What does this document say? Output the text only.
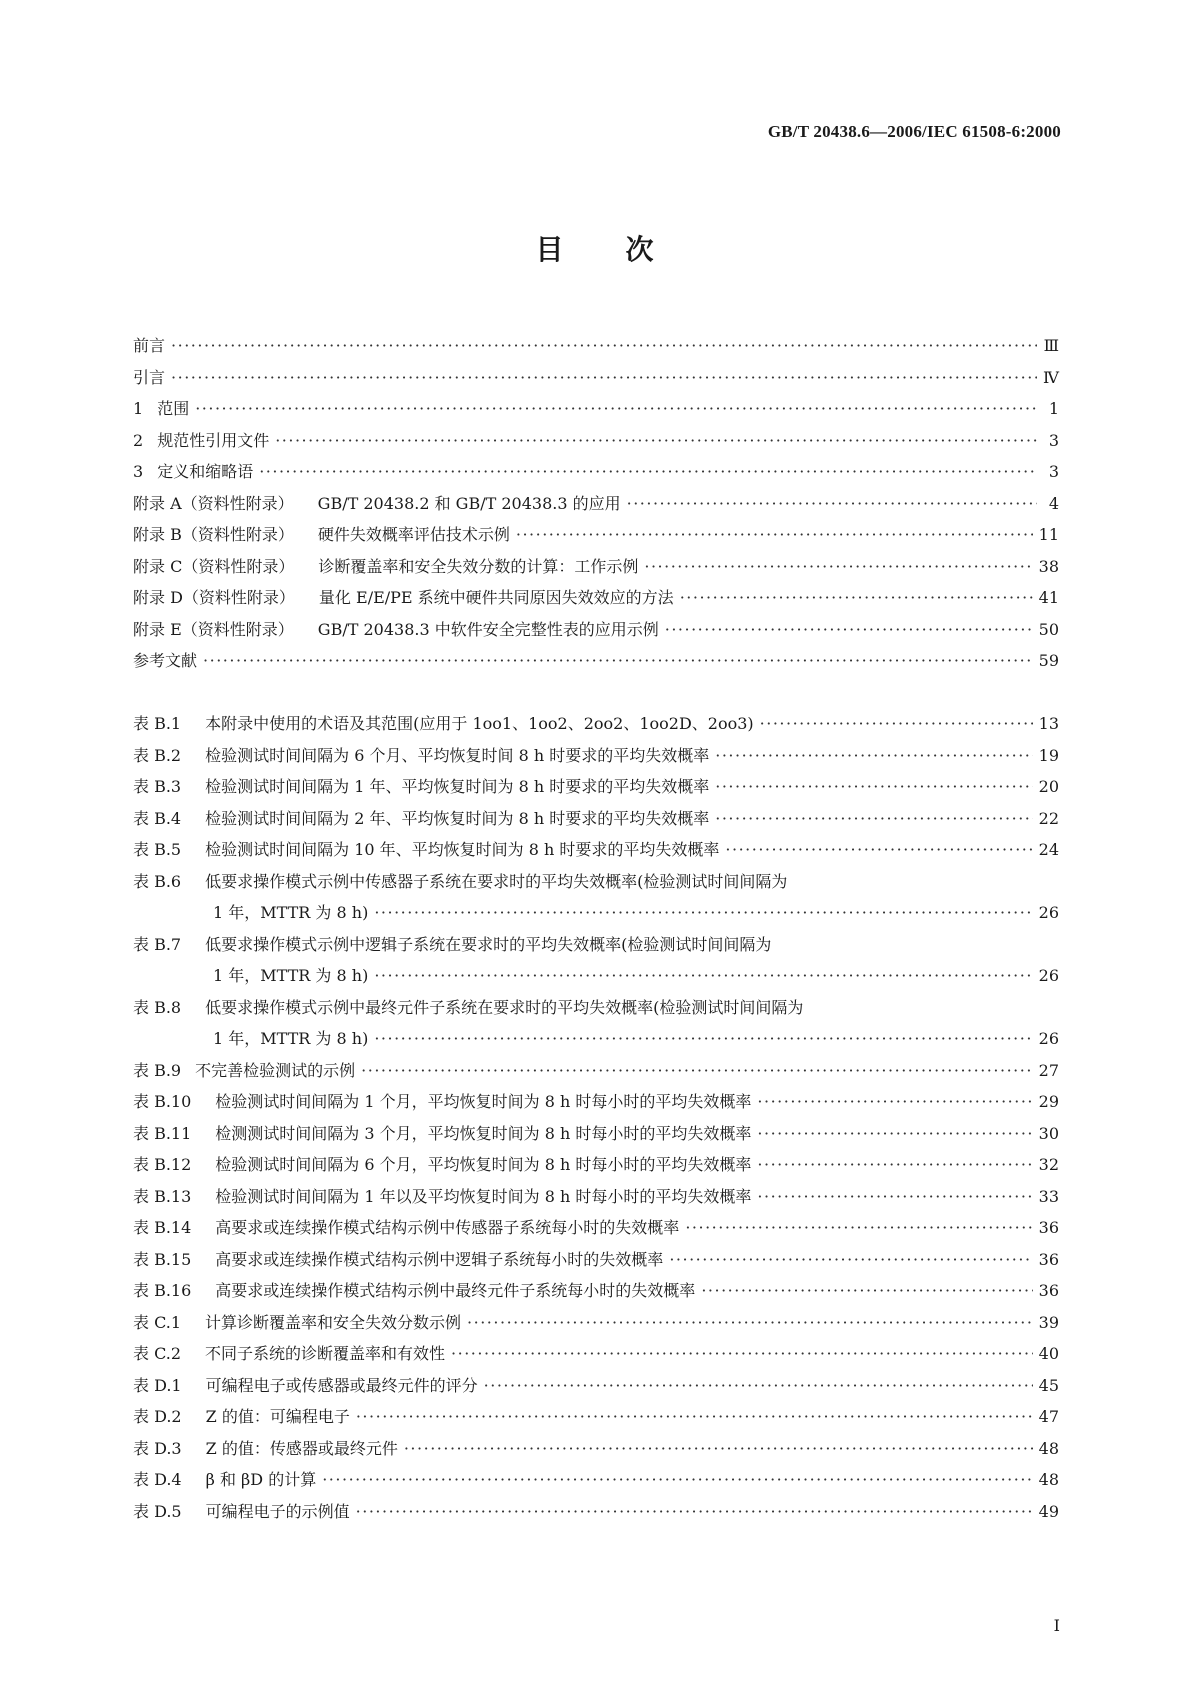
GB/T 20438.6—2006/IEC 61508-6:2000
目 次
前言 ·····	Ⅲ
引言 ·····	Ⅳ
1 范围 ·····	1
2 规范性引用文件 ·····	3
3 定义和缩略语 ·····	3
附录 A（资料性附录） GB/T 20438.2 和 GB/T 20438.3 的应用 ·····	4
附录 B（资料性附录） 硬件失效概率评估技术示例 ·····	11
附录 C（资料性附录） 诊断覆盖率和安全失效分数的计算：工作示例 ·····	38
附录 D（资料性附录） 量化 E/E/PE 系统中硬件共同原因失效效应的方法 ·····	41
附录 E（资料性附录） GB/T 20438.3 中软件安全完整性表的应用示例 ·····	50
参考文献 ·····	59
表 B.1 本附录中使用的术语及其范围(应用于 1oo1、1oo2、2oo2、1oo2D、2oo3) ·····	13
表 B.2 检验测试时间间隔为 6 个月、平均恢复时间 8 h 时要求的平均失效概率 ·····	19
表 B.3 检验测试时间间隔为 1 年、平均恢复时间为 8 h 时要求的平均失效概率 ·····	20
表 B.4 检验测试时间间隔为 2 年、平均恢复时间为 8 h 时要求的平均失效概率 ·····	22
表 B.5 检验测试时间间隔为 10 年、平均恢复时间为 8 h 时要求的平均失效概率 ·····	24
表 B.6 低要求操作模式示例中传感器子系统在要求时的平均失效概率(检验测试时间间隔为
1 年，MTTR 为 8 h) ·····	26
表 B.7 低要求操作模式示例中逻辑子系统在要求时的平均失效概率(检验测试时间间隔为
1 年，MTTR 为 8 h) ·····	26
表 B.8 低要求操作模式示例中最终元件子系统在要求时的平均失效概率(检验测试时间间隔为
1 年，MTTR 为 8 h) ·····	26
表 B.9 不完善检验测试的示例 ·····	27
表 B.10 检验测试时间间隔为 1 个月，平均恢复时间为 8 h 时每小时的平均失效概率 ·····	29
表 B.11 检测测试时间间隔为 3 个月，平均恢复时间为 8 h 时每小时的平均失效概率 ·····	30
表 B.12 检验测试时间间隔为 6 个月，平均恢复时间为 8 h 时每小时的平均失效概率 ·····	32
表 B.13 检验测试时间间隔为 1 年以及平均恢复时间为 8 h 时每小时的平均失效概率 ·····	33
表 B.14 高要求或连续操作模式结构示例中传感器子系统每小时的失效概率 ·····	36
表 B.15 高要求或连续操作模式结构示例中逻辑子系统每小时的失效概率 ·····	36
表 B.16 高要求或连续操作模式结构示例中最终元件子系统每小时的失效概率 ·····	36
表 C.1 计算诊断覆盖率和安全失效分数示例 ·····	39
表 C.2 不同子系统的诊断覆盖率和有效性 ·····	40
表 D.1 可编程电子或传感器或最终元件的评分 ·····	45
表 D.2 Z 的值：可编程电子 ·····	47
表 D.3 Z 的值：传感器或最终元件 ·····	48
表 D.4 β 和 βD 的计算 ·····	48
表 D.5 可编程电子的示例值 ·····	49
I
